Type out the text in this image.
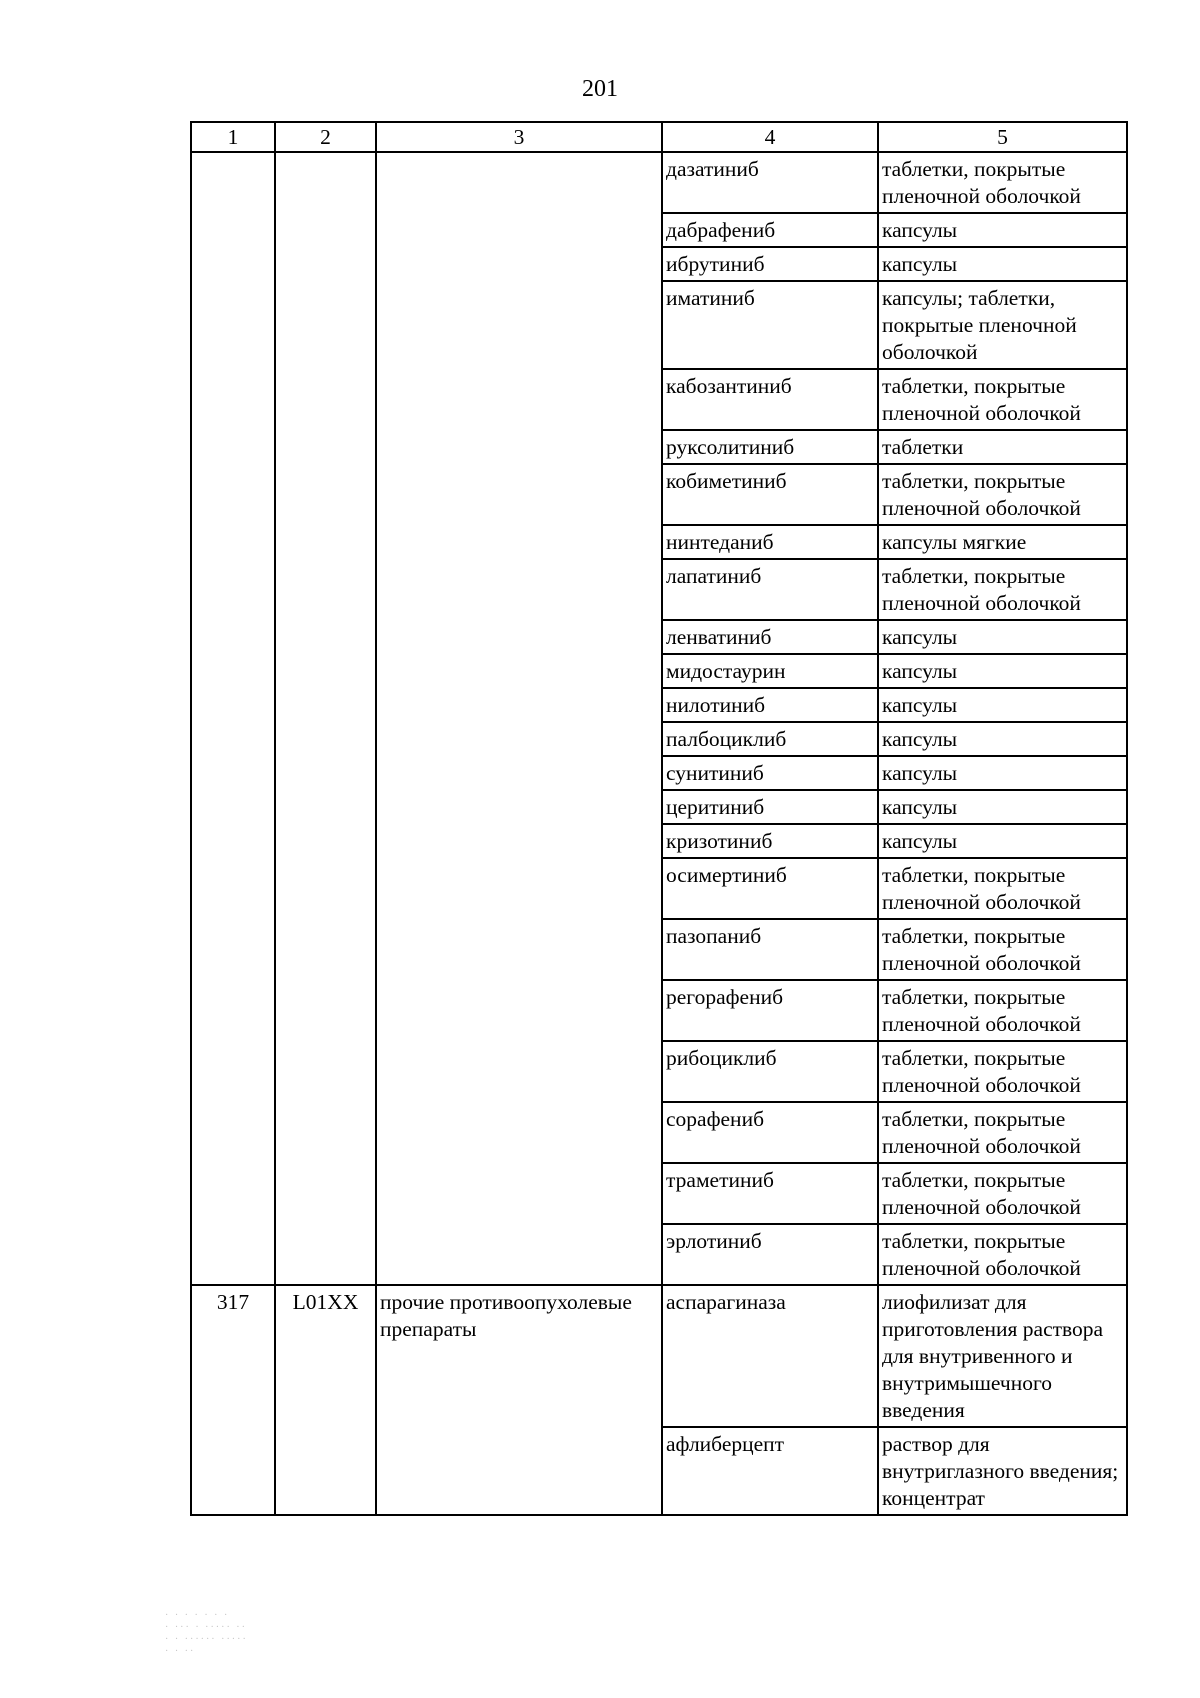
201
1	2	3	4	5
			дазатиниб	таблетки, покрытые пленочной оболочкой
			дабрафениб	капсулы
			ибрутиниб	капсулы
			иматиниб	капсулы; таблетки, покрытые пленочной оболочкой
			кабозантиниб	таблетки, покрытые пленочной оболочкой
			руксолитиниб	таблетки
			кобиметиниб	таблетки, покрытые пленочной оболочкой
			нинтеданиб	капсулы мягкие
			лапатиниб	таблетки, покрытые пленочной оболочкой
			ленватиниб	капсулы
			мидостаурин	капсулы
			нилотиниб	капсулы
			палбоциклиб	капсулы
			сунитиниб	капсулы
			церитиниб	капсулы
			кризотиниб	капсулы
			осимертиниб	таблетки, покрытые пленочной оболочкой
			пазопаниб	таблетки, покрытые пленочной оболочкой
			регорафениб	таблетки, покрытые пленочной оболочкой
			рибоциклиб	таблетки, покрытые пленочной оболочкой
			сорафениб	таблетки, покрытые пленочной оболочкой
			траметиниб	таблетки, покрытые пленочной оболочкой
			эрлотиниб	таблетки, покрытые пленочной оболочкой
317	L01XX	прочие противоопухолевые препараты	аспарагиназа	лиофилизат для приготовления раствора для внутривенного и внутримышечного введения
			афлиберцепт	раствор для внутриглазного введения; концентрат
· · · · · · ·
· ··· · ····· ··
· · ······ ·····
· · ··
